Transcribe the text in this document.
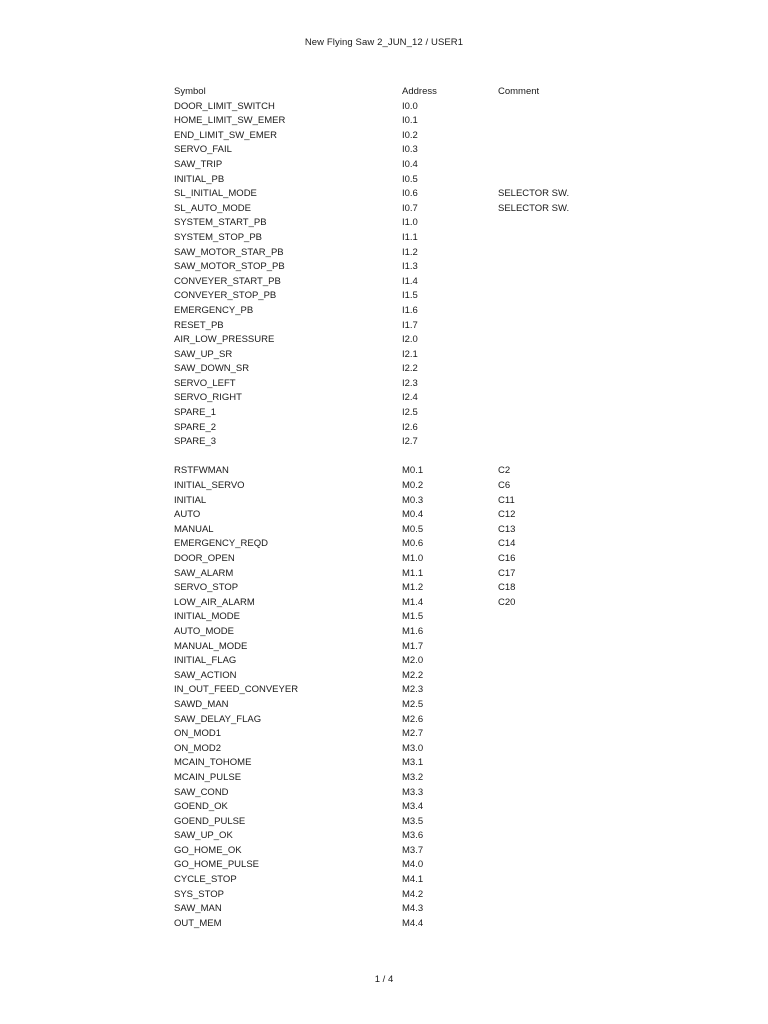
New Flying Saw 2_JUN_12 / USER1
Symbol	Address	Comment
DOOR_LIMIT_SWITCH	I0.0
HOME_LIMIT_SW_EMER	I0.1
END_LIMIT_SW_EMER	I0.2
SERVO_FAIL	I0.3
SAW_TRIP	I0.4
INITIAL_PB	I0.5
SL_INITIAL_MODE	I0.6	SELECTOR SW.
SL_AUTO_MODE	I0.7	SELECTOR SW.
SYSTEM_START_PB	I1.0
SYSTEM_STOP_PB	I1.1
SAW_MOTOR_STAR_PB	I1.2
SAW_MOTOR_STOP_PB	I1.3
CONVEYER_START_PB	I1.4
CONVEYER_STOP_PB	I1.5
EMERGENCY_PB	I1.6
RESET_PB	I1.7
AIR_LOW_PRESSURE	I2.0
SAW_UP_SR	I2.1
SAW_DOWN_SR	I2.2
SERVO_LEFT	I2.3
SERVO_RIGHT	I2.4
SPARE_1	I2.5
SPARE_2	I2.6
SPARE_3	I2.7
RSTFWMAN	M0.1	C2
INITIAL_SERVO	M0.2	C6
INITIAL	M0.3	C11
AUTO	M0.4	C12
MANUAL	M0.5	C13
EMERGENCY_REQD	M0.6	C14
DOOR_OPEN	M1.0	C16
SAW_ALARM	M1.1	C17
SERVO_STOP	M1.2	C18
LOW_AIR_ALARM	M1.4	C20
INITIAL_MODE	M1.5
AUTO_MODE	M1.6
MANUAL_MODE	M1.7
INITIAL_FLAG	M2.0
SAW_ACTION	M2.2
IN_OUT_FEED_CONVEYER	M2.3
SAWD_MAN	M2.5
SAW_DELAY_FLAG	M2.6
ON_MOD1	M2.7
ON_MOD2	M3.0
MCAIN_TOHOME	M3.1
MCAIN_PULSE	M3.2
SAW_COND	M3.3
GOEND_OK	M3.4
GOEND_PULSE	M3.5
SAW_UP_OK	M3.6
GO_HOME_OK	M3.7
GO_HOME_PULSE	M4.0
CYCLE_STOP	M4.1
SYS_STOP	M4.2
SAW_MAN	M4.3
OUT_MEM	M4.4
1 / 4
